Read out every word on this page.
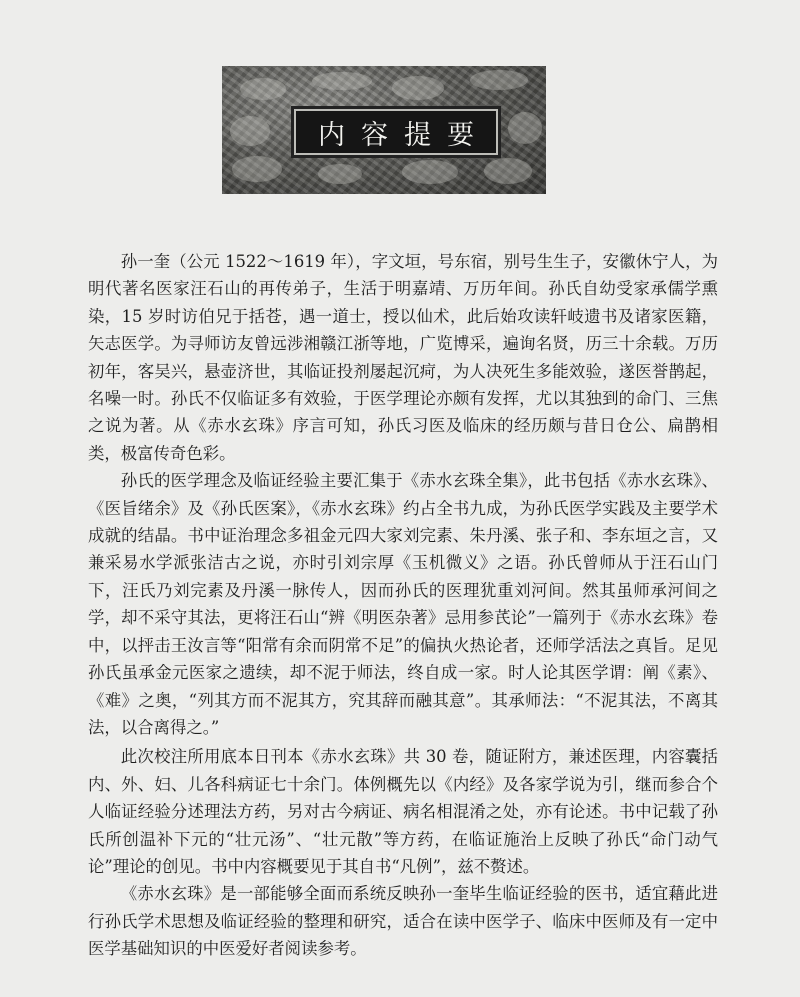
内容提要

孙一奎（公元 1522～1619 年），字文垣，号东宿，别号生生子，安徽休宁人，为明代著名医家汪石山的再传弟子，生活于明嘉靖、万历年间。孙氏自幼受家承儒学熏染，15 岁时访伯兄于括苍，遇一道士，授以仙术，此后始攻读轩岐遗书及诸家医籍，矢志医学。为寻师访友曾远涉湘赣江浙等地，广览博采，遍询名贤，历三十余载。万历初年，客吴兴，悬壶济世，其临证投剂屡起沉疴，为人决死生多能效验，遂医誉鹊起，名噪一时。孙氏不仅临证多有效验，于医学理论亦颇有发挥，尤以其独到的命门、三焦之说为著。从《赤水玄珠》序言可知，孙氏习医及临床的经历颇与昔日仓公、扁鹊相类，极富传奇色彩。

孙氏的医学理念及临证经验主要汇集于《赤水玄珠全集》，此书包括《赤水玄珠》、《医旨绪余》及《孙氏医案》，《赤水玄珠》约占全书九成，为孙氏医学实践及主要学术成就的结晶。书中证治理念多祖金元四大家刘完素、朱丹溪、张子和、李东垣之言，又兼采易水学派张洁古之说，亦时引刘宗厚《玉机微义》之语。孙氏曾师从于汪石山门下，汪氏乃刘完素及丹溪一脉传人，因而孙氏的医理犹重刘河间。然其虽师承河间之学，却不采守其法，更将汪石山“辨《明医杂著》忌用参芪论”一篇列于《赤水玄珠》卷中，以抨击王汝言等“阳常有余而阴常不足”的偏执火热论者，还师学活法之真旨。足见孙氏虽承金元医家之遗续，却不泥于师法，终自成一家。时人论其医学谓：阐《素》、《难》之奥，“列其方而不泥其方，究其辞而融其意”。其承师法：“不泥其法，不离其法，以合离得之。”

此次校注所用底本日刊本《赤水玄珠》共 30 卷，随证附方，兼述医理，内容囊括内、外、妇、儿各科病证七十余门。体例概先以《内经》及各家学说为引，继而参合个人临证经验分述理法方药，另对古今病证、病名相混淆之处，亦有论述。书中记载了孙氏所创温补下元的“壮元汤”、“壮元散”等方药，在临证施治上反映了孙氏“命门动气论”理论的创见。书中内容概要见于其自书“凡例”，兹不赘述。

《赤水玄珠》是一部能够全面而系统反映孙一奎毕生临证经验的医书，适宜藉此进行孙氏学术思想及临证经验的整理和研究，适合在读中医学子、临床中医师及有一定中医学基础知识的中医爱好者阅读参考。
